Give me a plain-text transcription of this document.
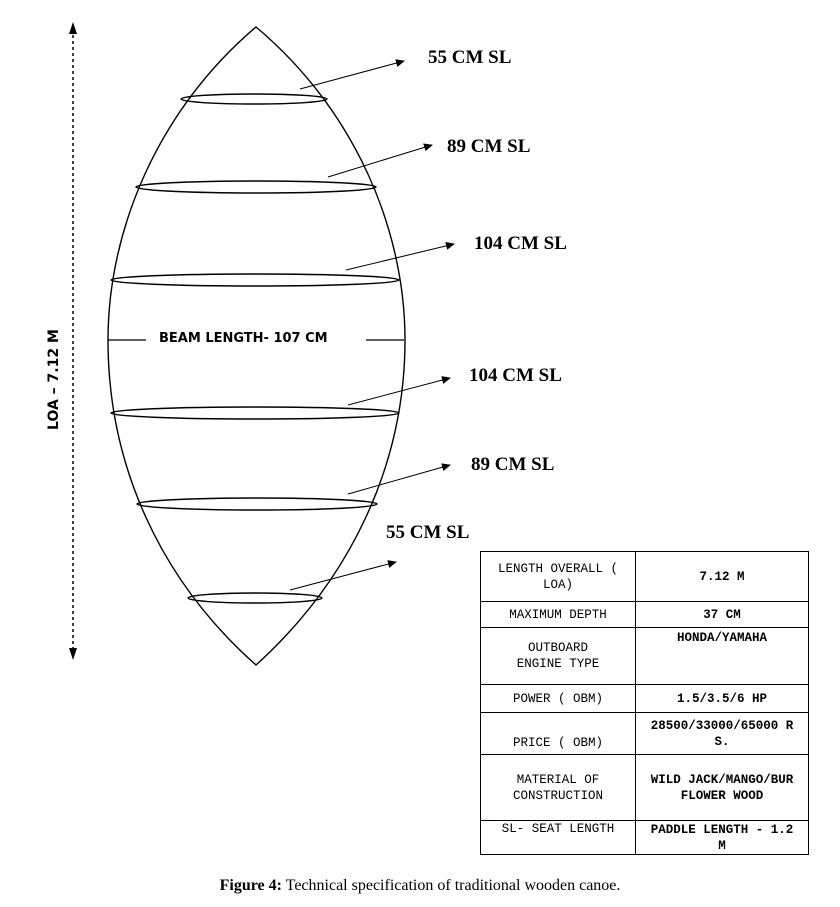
LOA – 7.12 M
55 CM SL
89 CM SL
104 CM SL
BEAM LENGTH- 107 CM
104 CM SL
89 CM SL
55 CM SL
LENGTH OVERALL ( LOA)	7.12 M
MAXIMUM DEPTH	37 CM
OUTBOARD ENGINE TYPE	HONDA/YAMAHA
POWER ( OBM)	1.5/3.5/6 HP
PRICE ( OBM)	28500/33000/65000 RS.
MATERIAL OF CONSTRUCTION	WILD JACK/MANGO/BUR FLOWER WOOD
SL- SEAT LENGTH	PADDLE LENGTH - 1.2 M
Figure 4: Technical specification of traditional wooden canoe.
